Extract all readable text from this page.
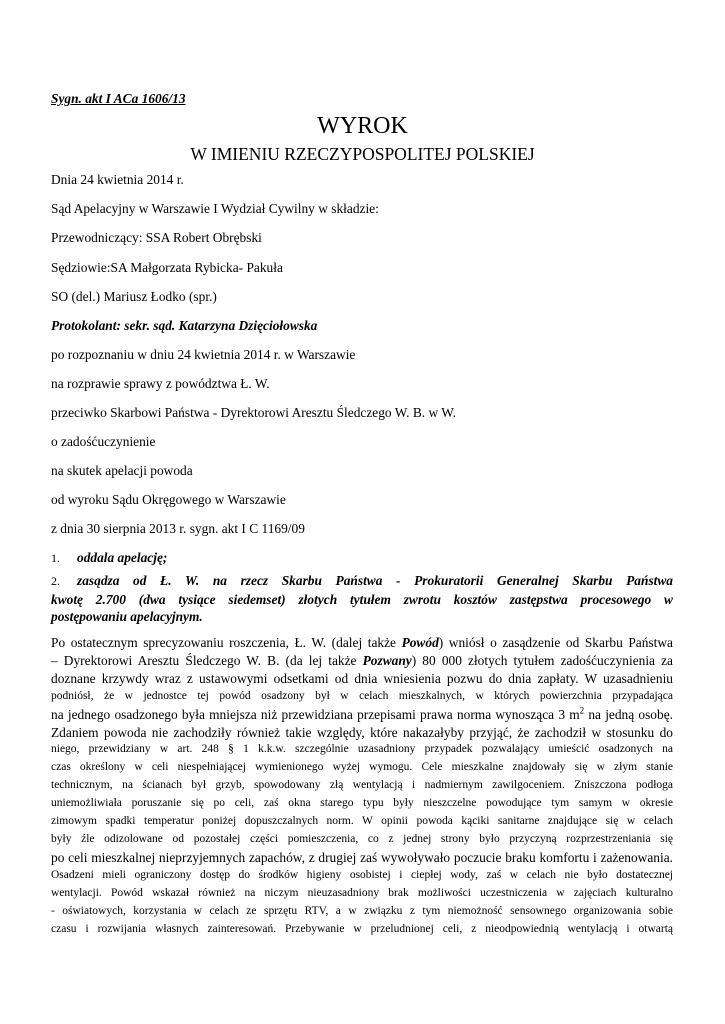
Sygn. akt I ACa 1606/13
WYROK
W IMIENIU RZECZYPOSPOLITEJ POLSKIEJ
Dnia 24 kwietnia 2014 r.
Sąd Apelacyjny w Warszawie I Wydział Cywilny w składzie:
Przewodniczący: SSA Robert Obrębski
Sędziowie:SA Małgorzata Rybicka- Pakuła
SO (del.) Mariusz Łodko (spr.)
Protokolant: sekr. sąd. Katarzyna Dzięciołowska
po rozpoznaniu w dniu 24 kwietnia 2014 r. w Warszawie
na rozprawie sprawy z powództwa Ł. W.
przeciwko Skarbowi Państwa - Dyrektorowi Aresztu Śledczego W. B. w W.
o zadośćuczynienie
na skutek apelacji powoda
od wyroku Sądu Okręgowego w Warszawie
z dnia 30 sierpnia 2013 r. sygn. akt I C 1169/09
1. oddala apelację;
2. zasądza od Ł. W. na rzecz Skarbu Państwa - Prokuratorii Generalnej Skarbu Państwa
kwotę 2.700 (dwa tysiące siedemset) złotych tytułem zwrotu kosztów zastępstwa procesowego w
postępowaniu apelacyjnym.
Po ostatecznym sprecyzowaniu roszczenia, Ł. W. (dalej także Powód) wniósł o zasądzenie od Skarbu Państwa
– Dyrektorowi Aresztu Śledczego W. B. (da lej także Pozwany) 80 000 złotych tytułem zadośćuczynienia za
doznane krzywdy wraz z ustawowymi odsetkami od dnia wniesienia pozwu do dnia zapłaty. W uzasadnieniu
podniósł, że w jednostce tej powód osadzony był w celach mieszkalnych, w których powierzchnia przypadająca
na jednego osadzonego była mniejsza niż przewidziana przepisami prawa norma wynosząca 3 $m^2$ na jedną osobę.
Zdaniem powoda nie zachodziły również takie względy, które nakazałyby przyjąć, że zachodził w stosunku do
niego, przewidziany w art. 248 § 1 k.k.w. szczególnie uzasadniony przypadek pozwalający umieścić osadzonych na
czas określony w celi niespełniającej wymienionego wyżej wymogu. Cele mieszkalne znajdowały się w złym stanie
technicznym, na ścianach był grzyb, spowodowany złą wentylacją i nadmiernym zawilgoceniem. Zniszczona podłoga
uniemożliwiała poruszanie się po celi, zaś okna starego typu były nieszczelne powodujące tym samym w okresie
zimowym spadki temperatur poniżej dopuszczalnych norm. W opinii powoda kąciki sanitarne znajdujące się w celach
były źle odizolowane od pozostałej części pomieszczenia, co z jednej strony było przyczyną rozprzestrzeniania się
po celi mieszkalnej nieprzyjemnych zapachów, z drugiej zaś wywoływało poczucie braku komfortu i zażenowania.
Osadzeni mieli ograniczony dostęp do środków higieny osobistej i ciepłej wody, zaś w celach nie było dostatecznej
wentylacji. Powód wskazał również na niczym nieuzasadniony brak możliwości uczestniczenia w zajęciach kulturalno
- oświatowych, korzystania w celach ze sprzętu RTV, a w związku z tym niemożność sensownego organizowania sobie
czasu i rozwijania własnych zainteresowań. Przebywanie w przeludnionej celi, z nieodpowiednią wentylacją i otwartą
